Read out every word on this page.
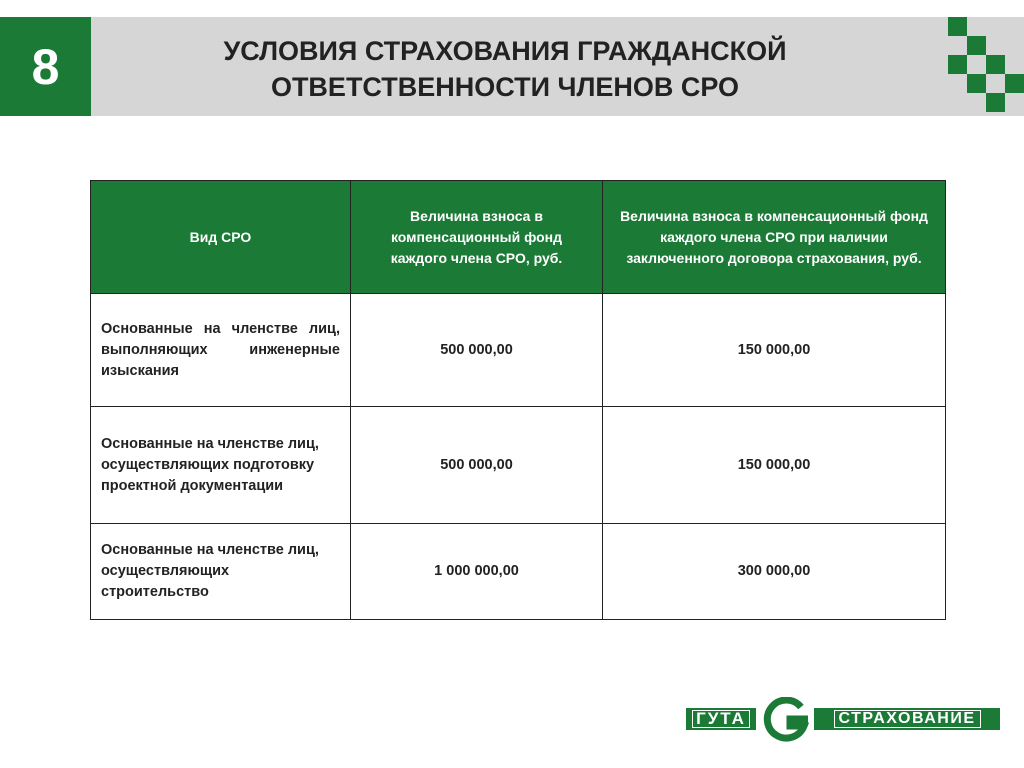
8	УСЛОВИЯ СТРАХОВАНИЯ ГРАЖДАНСКОЙ
ОТВЕТСТВЕННОСТИ ЧЛЕНОВ СРО
Вид СРО	Величина взноса в компенсационный фонд каждого члена СРО, руб.	Величина взноса в компенсационный фонд каждого члена СРО при наличии заключенного договора страхования, руб.
Основанные на членстве лиц, выполняющих инженерные изыскания	500 000,00	150 000,00
Основанные на членстве лиц, осуществляющих подготовку проектной документации	500 000,00	150 000,00
Основанные на членстве лиц, осуществляющих строительство	1 000 000,00	300 000,00
ГУТА	СТРАХОВАНИЕ
